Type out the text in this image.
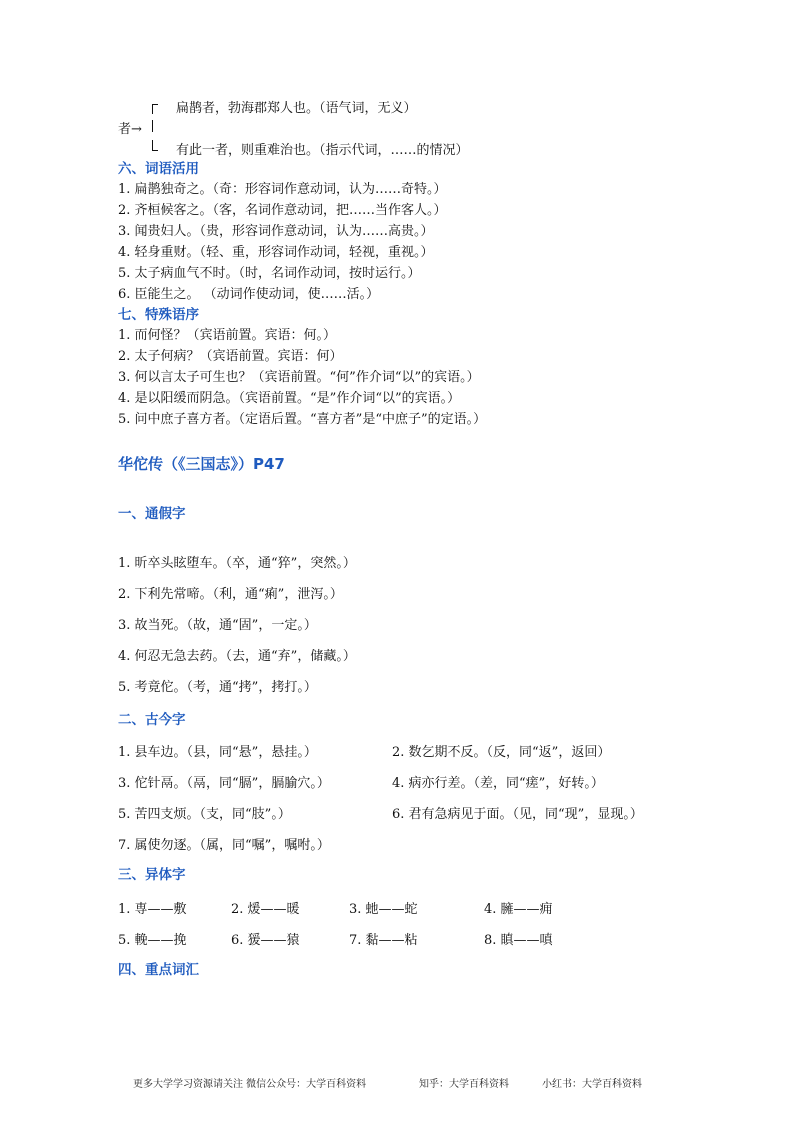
扁鹊者，勃海郡郑人也。（语气词，无义）
者→
有此一者，则重难治也。（指示代词，……的情况）
六、词语活用
1. 扁鹊独奇之。（奇：形容词作意动词，认为……奇特。）
2. 齐桓候客之。（客，名词作意动词，把……当作客人。）
3. 闻贵妇人。（贵，形容词作意动词，认为……高贵。）
4. 轻身重财。（轻、重，形容词作动词，轻视，重视。）
5. 太子病血气不时。（时，名词作动词，按时运行。）
6. 臣能生之。 （动词作使动词，使……活。）
七、特殊语序
1. 而何怪？（宾语前置。宾语：何。）
2. 太子何病？（宾语前置。宾语：何）
3. 何以言太子可生也？（宾语前置。“何”作介词“以”的宾语。）
4. 是以阳缓而阴急。（宾语前置。“是”作介词“以”的宾语。）
5. 问中庶子喜方者。（定语后置。“喜方者”是“中庶子”的定语。）
华佗传（《三国志》）P47
一、通假字
1. 昕卒头眩堕车。（卒，通“猝”，突然。）
2. 下利先常啼。（利，通“痢”，泄泻。）
3. 故当死。（故，通“固”，一定。）
4. 何忍无急去药。（去，通“弃”，储藏。）
5. 考竟佗。（考，通“拷”，拷打。）
二、古今字
1. 县车边。（县，同“悬”，悬挂。）	2. 数乞期不反。（反，同“返”，返回）
3. 佗针鬲。（鬲，同“膈”，膈腧穴。）	4. 病亦行差。（差，同“瘥”，好转。）
5. 苦四支烦。（支，同“肢”。）	6. 君有急病见于面。（见，同“现”，显现。）
7. 属使勿逐。（属，同“嘱”，嘱咐。）
三、异体字
1. 専——敷	2. 煖——暖	3. 虵——蛇	4. 臃——痈
5. 輓——挽	6. 猨——猿	7. 黏——粘	8. 瞋——嗔
四、重点词汇
更多大学学习资源请关注 微信公众号：大学百科资料	知乎：大学百科资料	小红书：大学百科资料
